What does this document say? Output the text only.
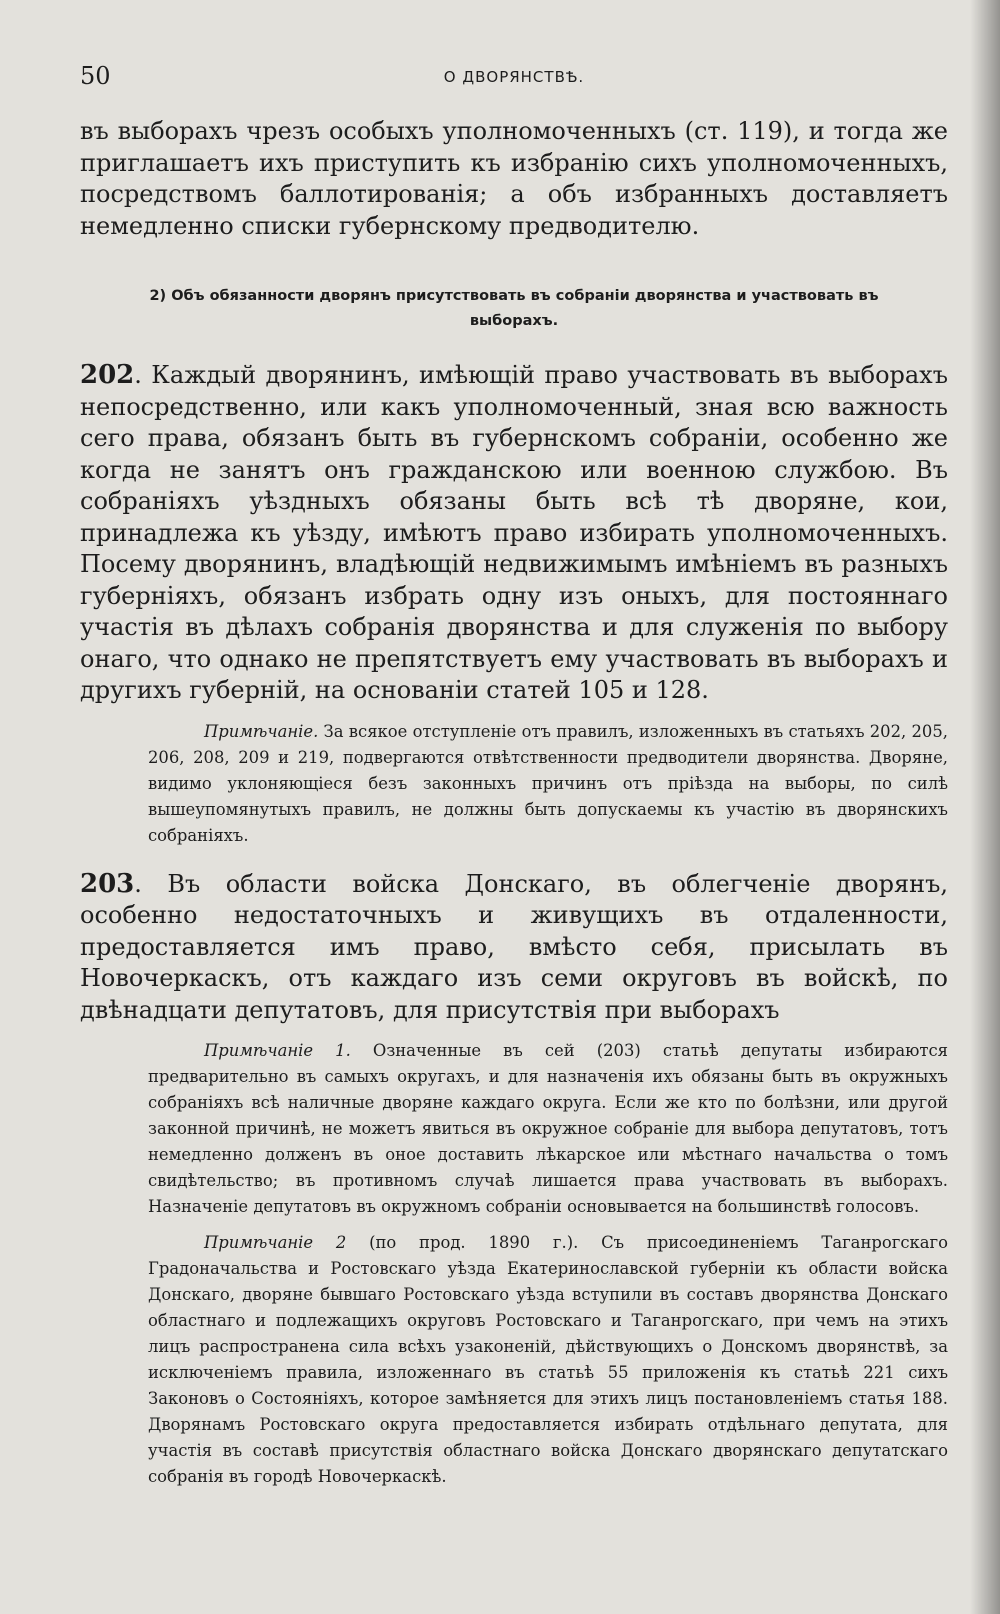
50	О ДВОРЯНСТВѢ.

въ выборахъ чрезъ особыхъ уполномоченныхъ (ст. 119), и тогда же приглашаетъ ихъ приступить къ избранію сихъ уполномоченныхъ, посредствомъ баллотированія; а объ избранныхъ доставляетъ немедленно списки губернскому предводителю.

2) Объ обязанности дворянъ присутствовать въ собраніи дворянства и участвовать въ выборахъ.

202. Каждый дворянинъ, имѣющій право участвовать въ выборахъ непосредственно, или какъ уполномоченный, зная всю важность сего права, обязанъ быть въ губернскомъ собраніи, особенно же когда не занятъ онъ гражданскою или военною службою. Въ собраніяхъ уѣздныхъ обязаны быть всѣ тѣ дворяне, кои, принадлежа къ уѣзду, имѣютъ право избирать уполномоченныхъ. Посему дворянинъ, владѣющій недвижимымъ имѣніемъ въ разныхъ губерніяхъ, обязанъ избрать одну изъ оныхъ, для постояннаго участія въ дѣлахъ собранія дворянства и для служенія по выбору онаго, что однако не препятствуетъ ему участвовать въ выборахъ и другихъ губерній, на основаніи статей 105 и 128.

Примѣчаніе. За всякое отступленіе отъ правилъ, изложенныхъ въ статьяхъ 202, 205, 206, 208, 209 и 219, подвергаются отвѣтственности предводители дворянства. Дворяне, видимо уклоняющіеся безъ законныхъ причинъ отъ пріѣзда на выборы, по силѣ вышеупомянутыхъ правилъ, не должны быть допускаемы къ участію въ дворянскихъ собраніяхъ.

203. Въ области войска Донскаго, въ облегченіе дворянъ, особенно недостаточныхъ и живущихъ въ отдаленности, предоставляется имъ право, вмѣсто себя, присылать въ Новочеркаскъ, отъ каждаго изъ семи округовъ въ войскѣ, по двѣнадцати депутатовъ, для присутствія при выборахъ

Примѣчаніе 1. Означенные въ сей (203) статьѣ депутаты избираются предварительно въ самыхъ округахъ, и для назначенія ихъ обязаны быть въ окружныхъ собраніяхъ всѣ наличные дворяне каждаго округа. Если же кто по болѣзни, или другой законной причинѣ, не можетъ явиться въ окружное собраніе для выбора депутатовъ, тотъ немедленно долженъ въ оное доставить лѣкарское или мѣстнаго начальства о томъ свидѣтельство; въ противномъ случаѣ лишается права участвовать въ выборахъ. Назначеніе депутатовъ въ окружномъ собраніи основывается на большинствѣ голосовъ.

Примѣчаніе 2 (по прод. 1890 г.). Съ присоединеніемъ Таганрогскаго Градоначальства и Ростовскаго уѣзда Екатеринославской губерніи къ области войска Донскаго, дворяне бывшаго Ростовскаго уѣзда вступили въ составъ дворянства Донскаго областнаго и подлежащихъ округовъ Ростовскаго и Таганрогскаго, при чемъ на этихъ лицъ распространена сила всѣхъ узаконеній, дѣйствующихъ о Донскомъ дворянствѣ, за исключеніемъ правила, изложеннаго въ статьѣ 55 приложенія къ статьѣ 221 сихъ Законовъ о Состояніяхъ, которое замѣняется для этихъ лицъ постановленіемъ статья 188. Дворянамъ Ростовскаго округа предоставляется избирать отдѣльнаго депутата, для участія въ составѣ присутствія областнаго войска Донскаго дворянскаго депутатскаго собранія въ городѣ Новочеркаскѣ.
